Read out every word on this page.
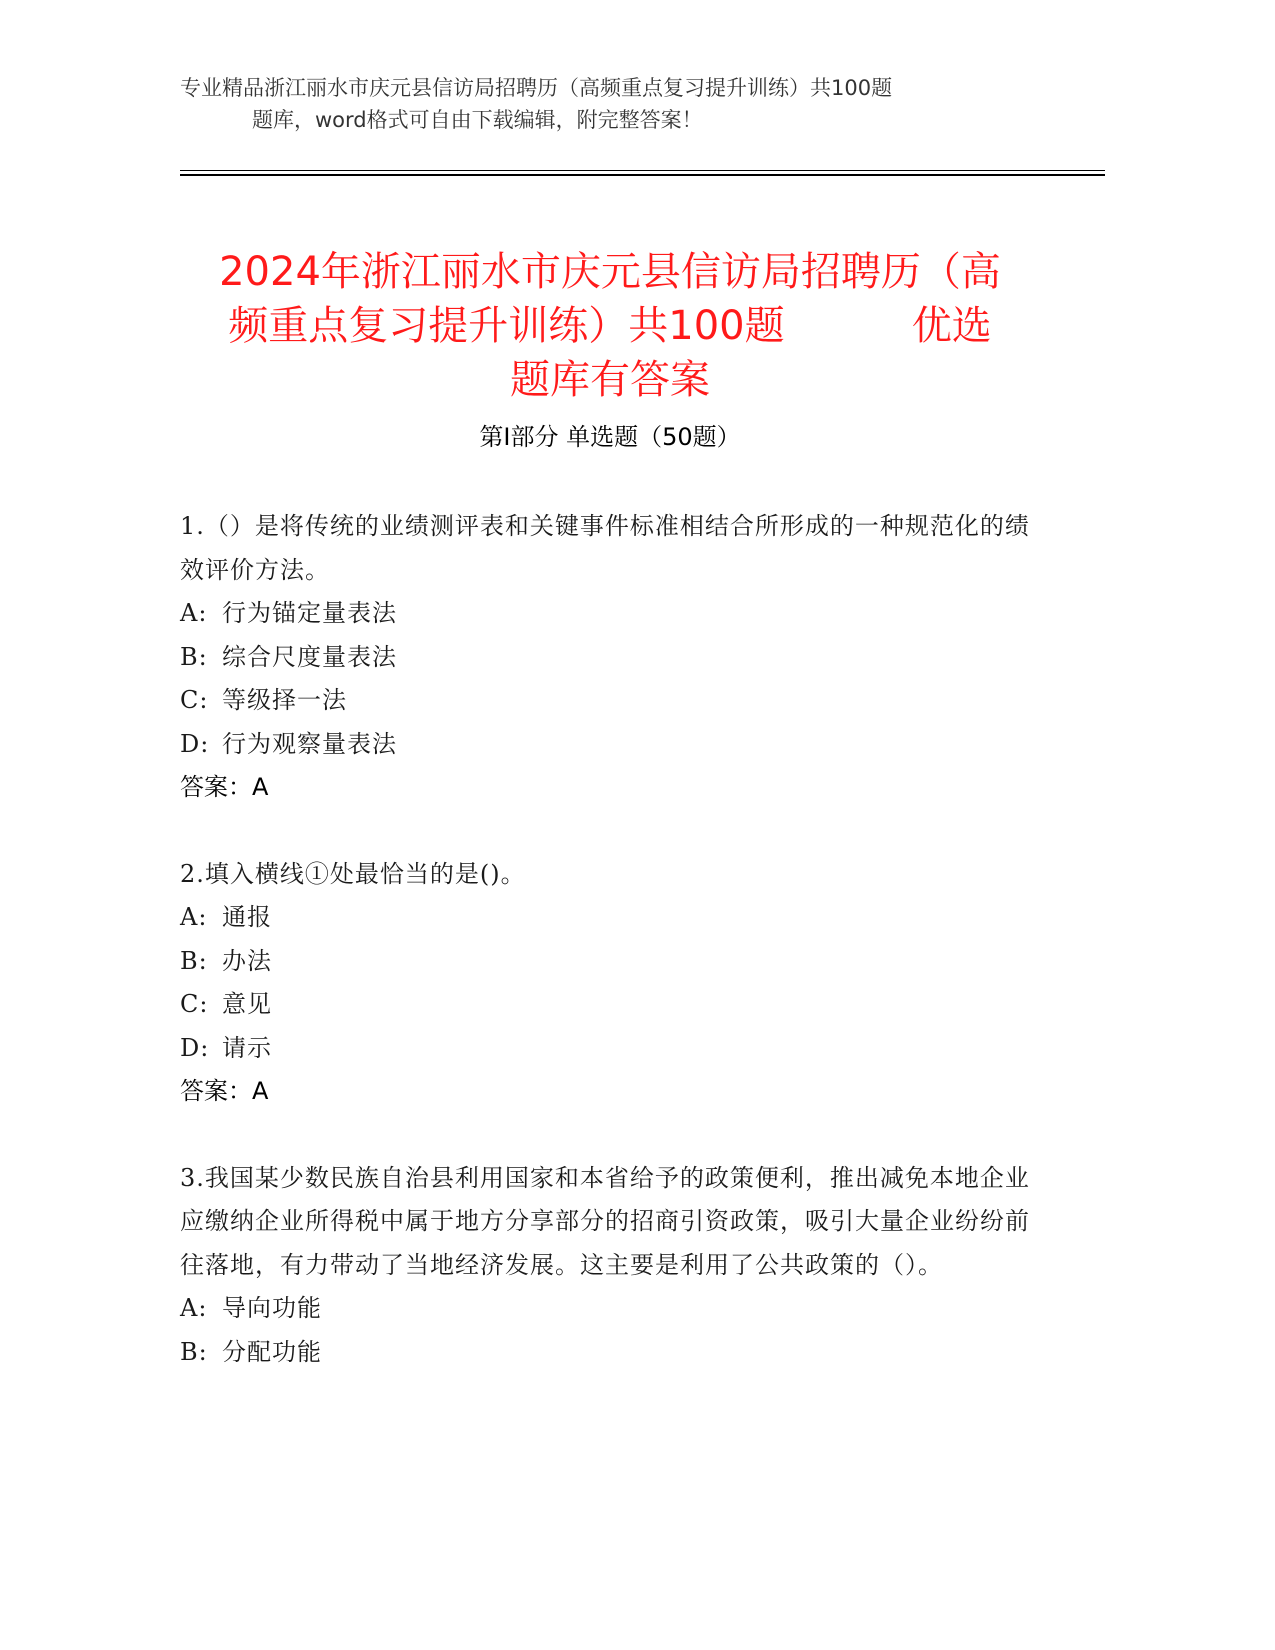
专业精品浙江丽水市庆元县信访局招聘历（高频重点复习提升训练）共100题
题库，word格式可自由下载编辑，附完整答案！
2024年浙江丽水市庆元县信访局招聘历（高
频重点复习提升训练）共100题          优选
题库有答案
第I部分 单选题（50题）

1.（）是将传统的业绩测评表和关键事件标准相结合所形成的一种规范化的绩效评价方法。

A: 行为锚定量表法
B: 综合尺度量表法
C: 等级择一法
D: 行为观察量表法
答案：A

2.填入横线①处最恰当的是()。

A: 通报
B: 办法
C: 意见
D: 请示
答案：A

3.我国某少数民族自治县利用国家和本省给予的政策便利，推出减免本地企业应缴纳企业所得税中属于地方分享部分的招商引资政策，吸引大量企业纷纷前往落地，有力带动了当地经济发展。这主要是利用了公共政策的（）。

A: 导向功能
B: 分配功能
